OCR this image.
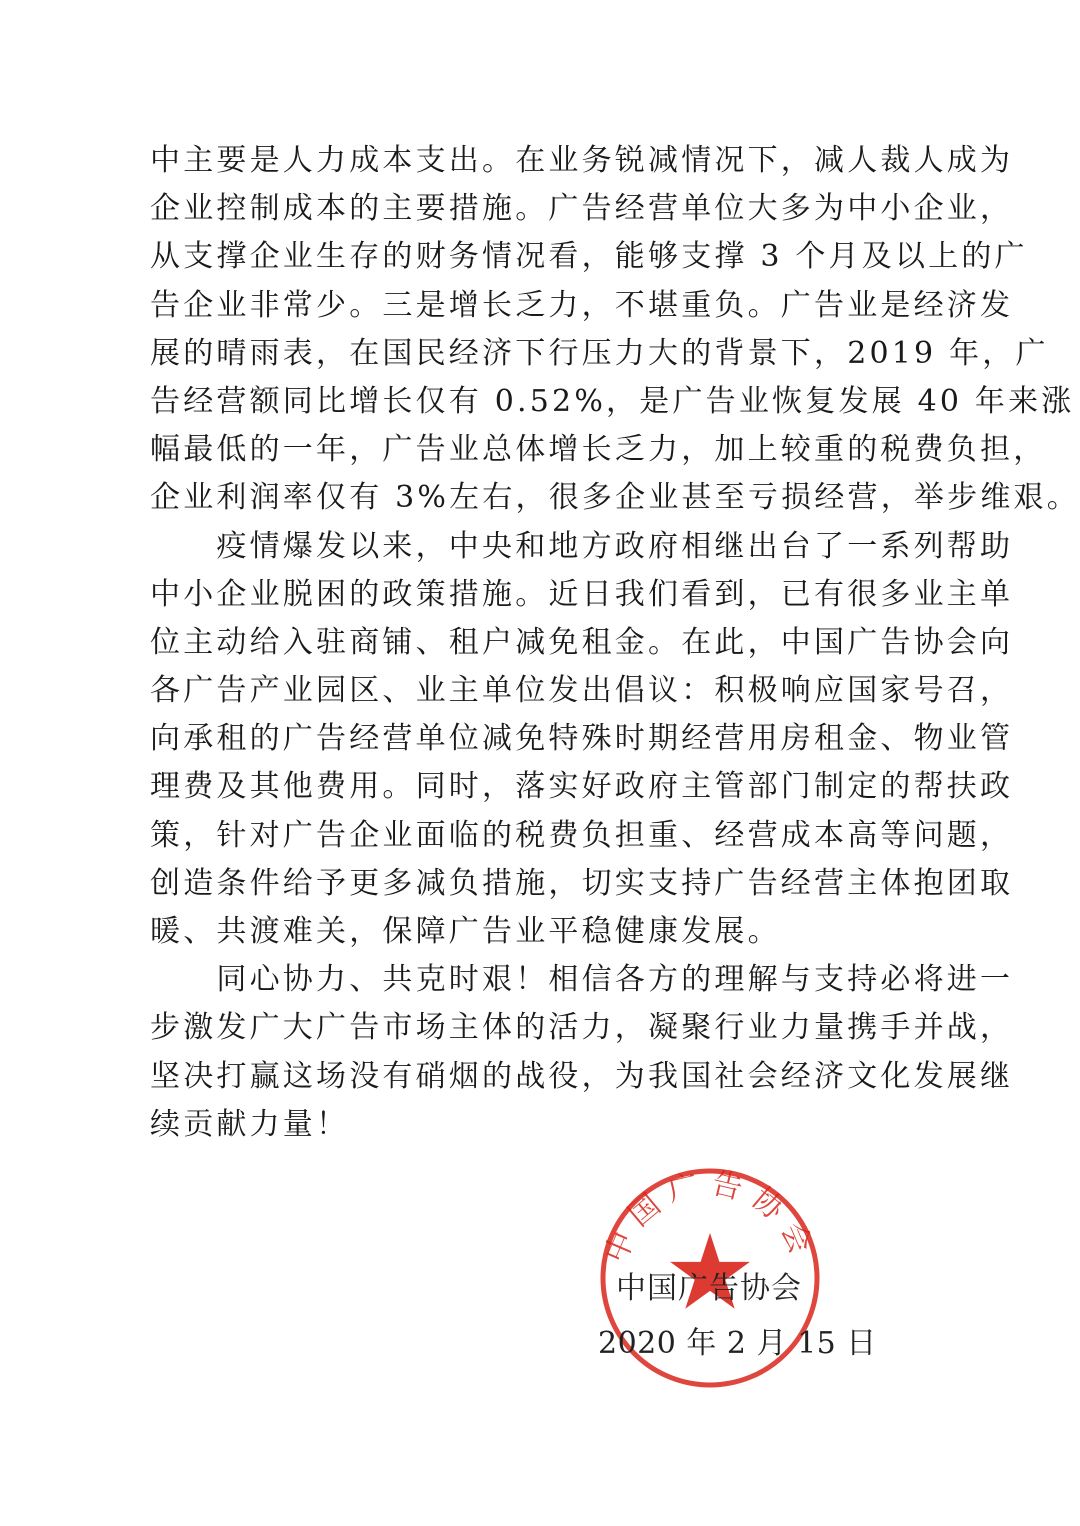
中主要是人力成本支出。在业务锐减情况下，减人裁人成为
企业控制成本的主要措施。广告经营单位大多为中小企业，
从支撑企业生存的财务情况看，能够支撑 3 个月及以上的广
告企业非常少。三是增长乏力，不堪重负。广告业是经济发
展的晴雨表，在国民经济下行压力大的背景下，2019 年，广
告经营额同比增长仅有 0.52%，是广告业恢复发展 40 年来涨
幅最低的一年，广告业总体增长乏力，加上较重的税费负担，
企业利润率仅有 3%左右，很多企业甚至亏损经营，举步维艰。
　　疫情爆发以来，中央和地方政府相继出台了一系列帮助
中小企业脱困的政策措施。近日我们看到，已有很多业主单
位主动给入驻商铺、租户减免租金。在此，中国广告协会向
各广告产业园区、业主单位发出倡议：积极响应国家号召，
向承租的广告经营单位减免特殊时期经营用房租金、物业管
理费及其他费用。同时，落实好政府主管部门制定的帮扶政
策，针对广告企业面临的税费负担重、经营成本高等问题，
创造条件给予更多减负措施，切实支持广告经营主体抱团取
暖、共渡难关，保障广告业平稳健康发展。
　　同心协力、共克时艰！相信各方的理解与支持必将进一
步激发广大广告市场主体的活力，凝聚行业力量携手并战，
坚决打赢这场没有硝烟的战役，为我国社会经济文化发展继
续贡献力量！
中国广告协会
中国广告协会
2020 年 2 月 15 日
